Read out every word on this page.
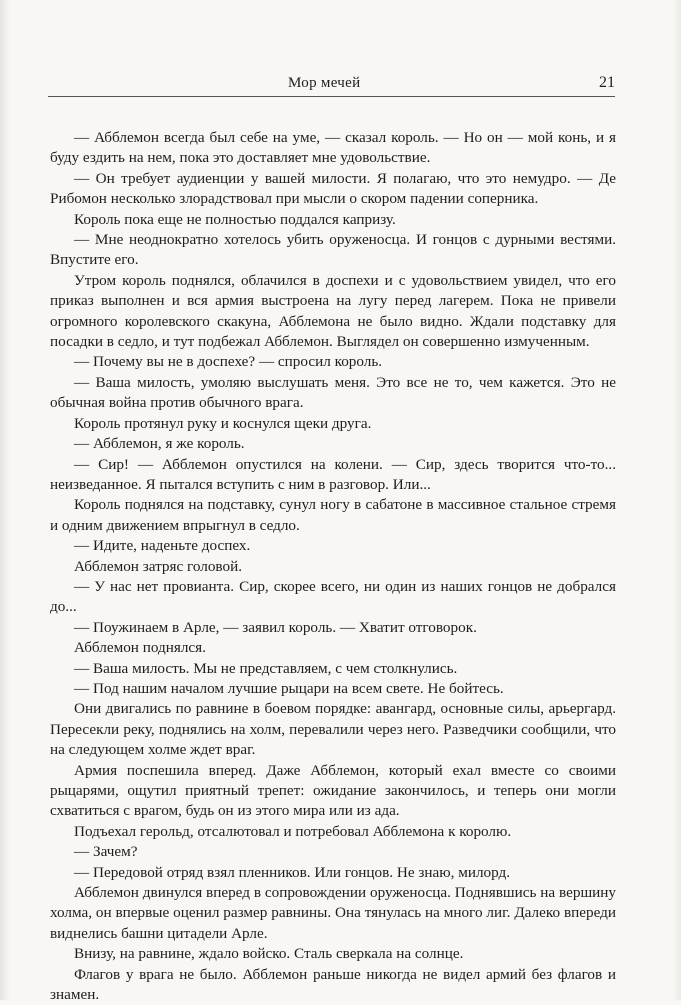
Мор мечей	21

— Абблемон всегда был себе на уме, — сказал король. — Но он — мой конь, и я буду ездить на нем, пока это доставляет мне удовольствие.

— Он требует аудиенции у вашей милости. Я полагаю, что это немудро. — Де Рибомон несколько злорадствовал при мысли о скором падении соперника.

Король пока еще не полностью поддался капризу.

— Мне неоднократно хотелось убить оруженосца. И гонцов с дурными вестями. Впустите его.

Утром король поднялся, облачился в доспехи и с удовольствием увидел, что его приказ выполнен и вся армия выстроена на лугу перед лагерем. Пока не привели огромного королевского скакуна, Абблемона не было видно. Ждали подставку для посадки в седло, и тут подбежал Абблемон. Выглядел он совершенно измученным.

— Почему вы не в доспехе? — спросил король.

— Ваша милость, умоляю выслушать меня. Это все не то, чем кажется. Это не обычная война против обычного врага.

Король протянул руку и коснулся щеки друга.

— Абблемон, я же король.

— Сир! — Абблемон опустился на колени. — Сир, здесь творится что-то... неизведанное. Я пытался вступить с ним в разговор. Или...

Король поднялся на подставку, сунул ногу в сабатоне в массивное стальное стремя и одним движением впрыгнул в седло.

— Идите, наденьте доспех.

Абблемон затряс головой.

— У нас нет провианта. Сир, скорее всего, ни один из наших гонцов не добрался до...

— Поужинаем в Арле, — заявил король. — Хватит отговорок.

Абблемон поднялся.

— Ваша милость. Мы не представляем, с чем столкнулись.

— Под нашим началом лучшие рыцари на всем свете. Не бойтесь.

Они двигались по равнине в боевом порядке: авангард, основные силы, арьергард. Пересекли реку, поднялись на холм, перевалили через него. Разведчики сообщили, что на следующем холме ждет враг.

Армия поспешила вперед. Даже Абблемон, который ехал вместе со своими рыцарями, ощутил приятный трепет: ожидание закончилось, и теперь они могли схватиться с врагом, будь он из этого мира или из ада.

Подъехал герольд, отсалютовал и потребовал Абблемона к королю.

— Зачем?

— Передовой отряд взял пленников. Или гонцов. Не знаю, милорд.

Абблемон двинулся вперед в сопровождении оруженосца. Поднявшись на вершину холма, он впервые оценил размер равнины. Она тянулась на много лиг. Далеко впереди виднелись башни цитадели Арле.

Внизу, на равнине, ждало войско. Сталь сверкала на солнце.

Флагов у врага не было. Абблемон раньше никогда не видел армий без флагов и знамен.
